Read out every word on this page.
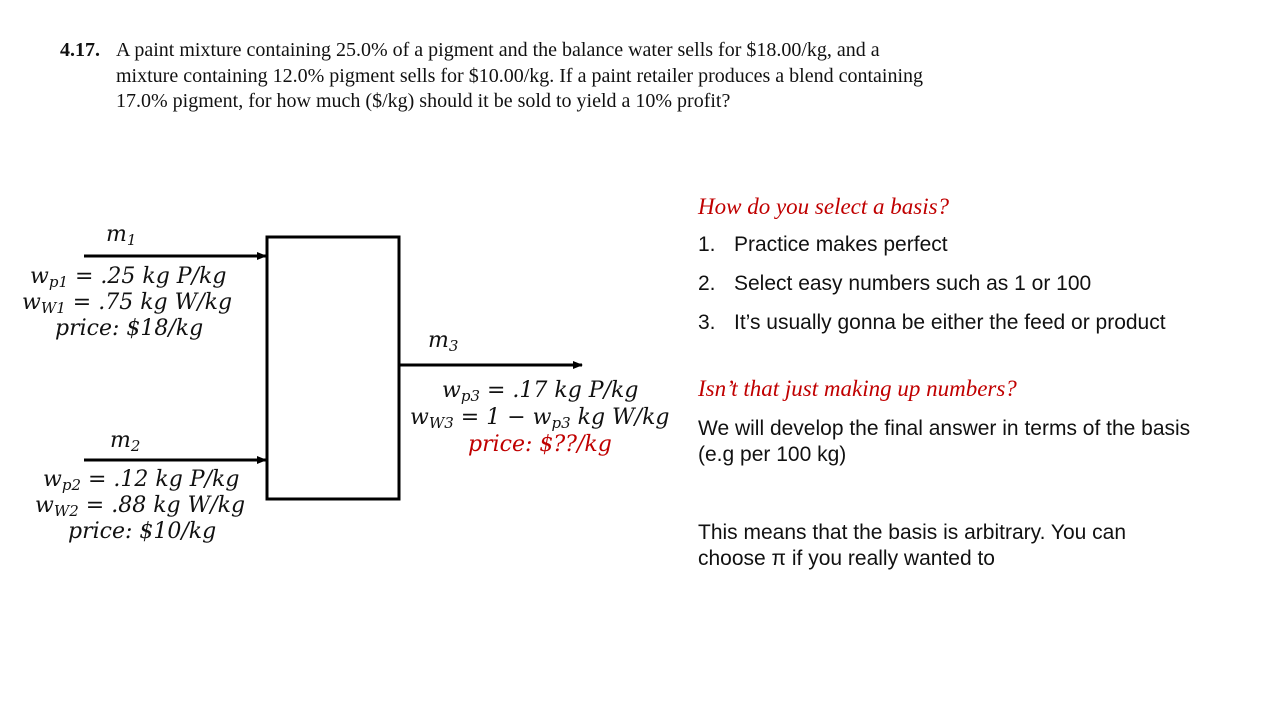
4.17. A paint mixture containing 25.0% of a pigment and the balance water sells for $18.00/kg, and a
mixture containing 12.0% pigment sells for $10.00/kg. If a paint retailer produces a blend containing
17.0% pigment, for how much ($/kg) should it be sold to yield a 10% profit?
$m_1$
$w_{p1} = .25$ kg P/kg
$w_{W1} = .75$ kg W/kg
price: $18/kg
$m_2$
$w_{p2} = .12$ kg P/kg
$w_{W2} = .88$ kg W/kg
price: $10/kg
$m_3$
$w_{p3} = .17$ kg P/kg
$w_{W3} = 1 - w_{p3}$ kg W/kg
price: $??/kg
How do you select a basis?
1. Practice makes perfect
2. Select easy numbers such as 1 or 100
3. It’s usually gonna be either the feed or product
Isn’t that just making up numbers?

We will develop the final answer in terms of the basis (e.g per 100 kg)

This means that the basis is arbitrary. You can choose π if you really wanted to
